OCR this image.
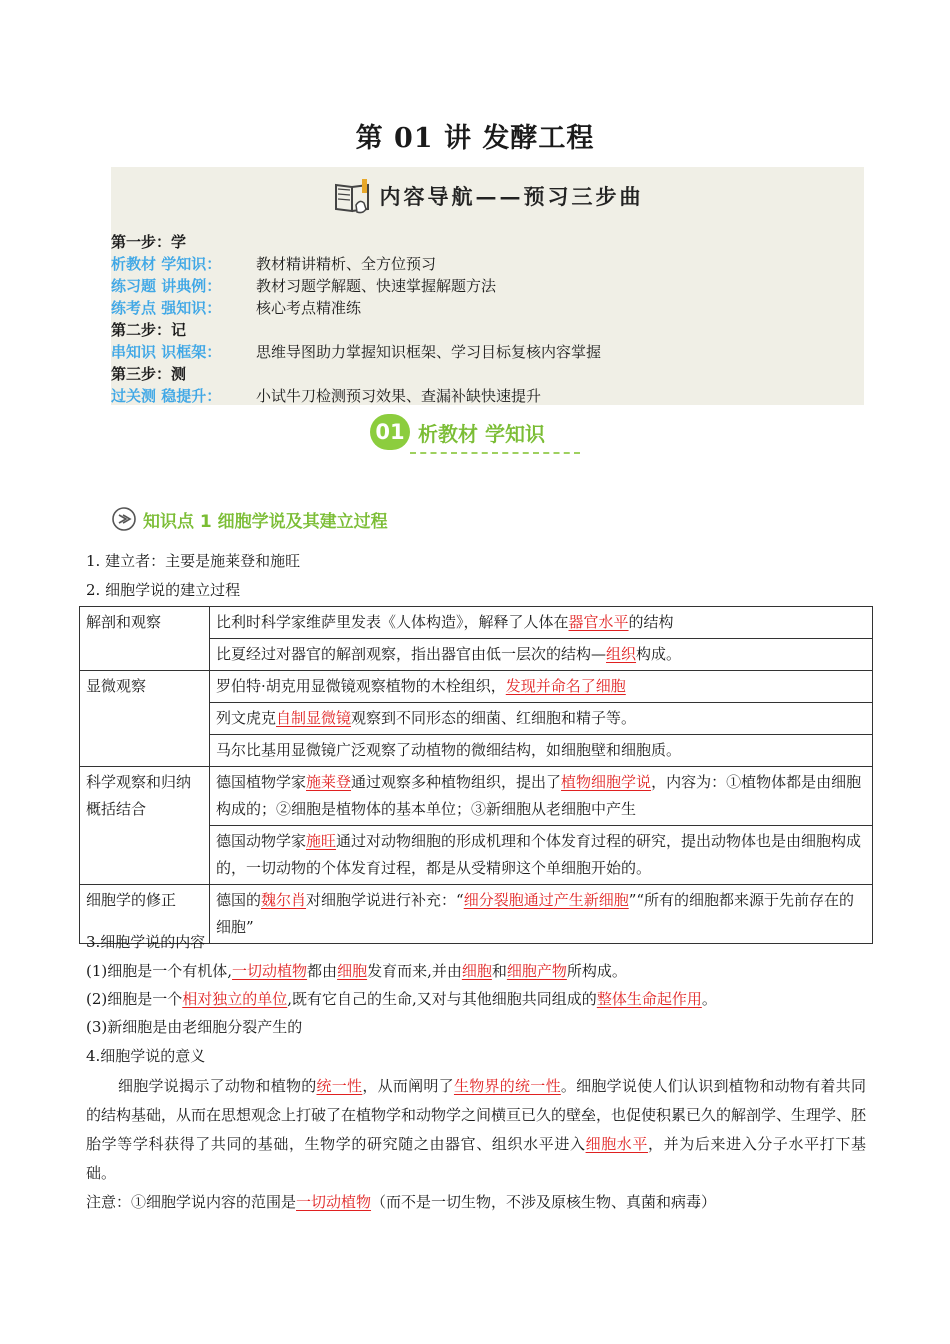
第 01 讲 发酵工程
内容导航——预习三步曲
第一步：学
析教材 学知识： 教材精讲精析、全方位预习
练习题 讲典例： 教材习题学解题、快速掌握解题方法
练考点 强知识： 核心考点精准练
第二步：记
串知识 识框架： 思维导图助力掌握知识框架、学习目标复核内容掌握
第三步：测
过关测 稳提升： 小试牛刀检测预习效果、查漏补缺快速提升
01 析教材 学知识
知识点 1 细胞学说及其建立过程
1. 建立者：主要是施莱登和施旺
2. 细胞学说的建立过程
解剖和观察	比利时科学家维萨里发表《人体构造》，解释了人体在器官水平的结构
	比夏经过对器官的解剖观察，指出器官由低一层次的结构—组织构成。
显微观察	罗伯特·胡克用显微镜观察植物的木栓组织，发现并命名了细胞
	列文虎克自制显微镜观察到不同形态的细菌、红细胞和精子等。
	马尔比基用显微镜广泛观察了动植物的微细结构，如细胞壁和细胞质。
科学观察和归纳概括结合	德国植物学家施莱登通过观察多种植物组织，提出了植物细胞学说，内容为：①植物体都是由细胞构成的；②细胞是植物体的基本单位；③新细胞从老细胞中产生
	德国动物学家施旺通过对动物细胞的形成机理和个体发育过程的研究，提出动物体也是由细胞构成的，一切动物的个体发育过程，都是从受精卵这个单细胞开始的。
细胞学的修正	德国的魏尔肖对细胞学说进行补充：“细分裂胞通过产生新细胞”“所有的细胞都来源于先前存在的细胞”
3.细胞学说的内容
(1)细胞是一个有机体,一切动植物都由细胞发育而来,并由细胞和细胞产物所构成。
(2)细胞是一个相对独立的单位,既有它自己的生命,又对与其他细胞共同组成的整体生命起作用。
(3)新细胞是由老细胞分裂产生的
4.细胞学说的意义
细胞学说揭示了动物和植物的统一性，从而阐明了生物界的统一性。细胞学说使人们认识到植物和动物有着共同的结构基础，从而在思想观念上打破了在植物学和动物学之间横亘已久的壁垒，也促使积累已久的解剖学、生理学、胚胎学等学科获得了共同的基础，生物学的研究随之由器官、组织水平进入细胞水平，并为后来进入分子水平打下基础。
注意：①细胞学说内容的范围是一切动植物（而不是一切生物，不涉及原核生物、真菌和病毒）
